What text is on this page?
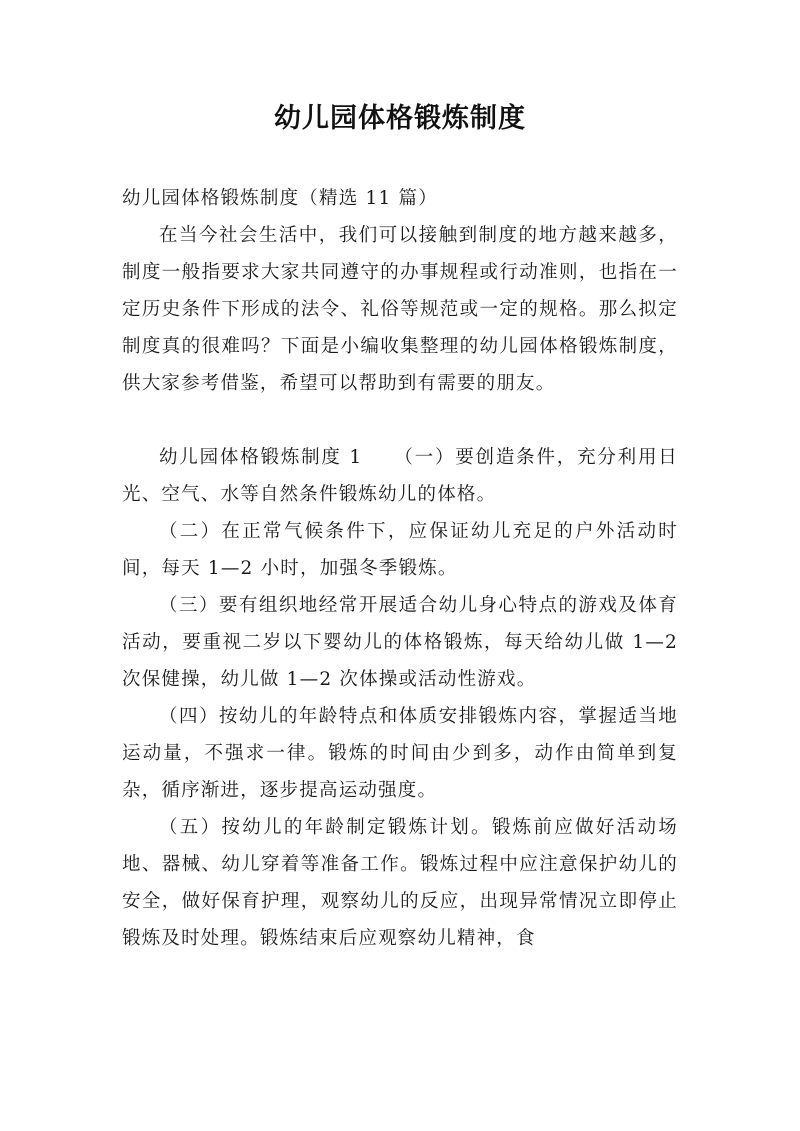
幼儿园体格锻炼制度

幼儿园体格锻炼制度（精选 11 篇）

在当今社会生活中，我们可以接触到制度的地方越来越多，制度一般指要求大家共同遵守的办事规程或行动准则，也指在一定历史条件下形成的法令、礼俗等规范或一定的规格。那么拟定制度真的很难吗？下面是小编收集整理的幼儿园体格锻炼制度，供大家参考借鉴，希望可以帮助到有需要的朋友。

幼儿园体格锻炼制度 1　　（一）要创造条件，充分利用日光、空气、水等自然条件锻炼幼儿的体格。

（二）在正常气候条件下，应保证幼儿充足的户外活动时间，每天 1—2 小时，加强冬季锻炼。

（三）要有组织地经常开展适合幼儿身心特点的游戏及体育活动，要重视二岁以下婴幼儿的体格锻炼，每天给幼儿做 1—2 次保健操，幼儿做 1—2 次体操或活动性游戏。

（四）按幼儿的年龄特点和体质安排锻炼内容，掌握适当地运动量，不强求一律。锻炼的时间由少到多，动作由简单到复杂，循序渐进，逐步提高运动强度。

（五）按幼儿的年龄制定锻炼计划。锻炼前应做好活动场地、器械、幼儿穿着等准备工作。锻炼过程中应注意保护幼儿的安全，做好保育护理，观察幼儿的反应，出现异常情况立即停止锻炼及时处理。锻炼结束后应观察幼儿精神，食
